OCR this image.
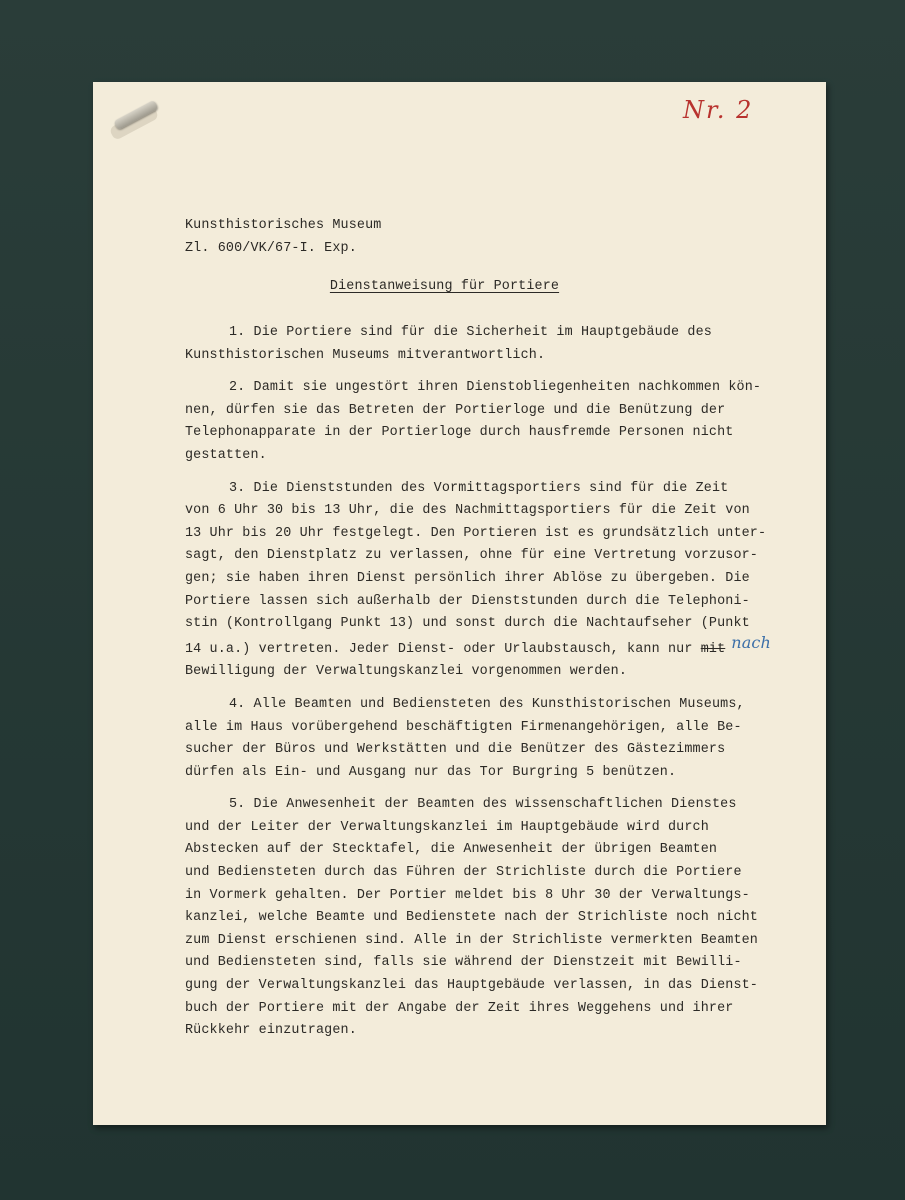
Nr. 2
Kunsthistorisches Museum
Zl. 600/VK/67-I. Exp.
Dienstanweisung für Portiere
1. Die Portiere sind für die Sicherheit im Hauptgebäude des
Kunsthistorischen Museums mitverantwortlich.
2. Damit sie ungestört ihren Dienstobliegenheiten nachkommen kön-
nen, dürfen sie das Betreten der Portierloge und die Benützung der
Telephonapparate in der Portierloge durch hausfremde Personen nicht
gestatten.
3. Die Dienststunden des Vormittagsportiers sind für die Zeit
von 6 Uhr 30 bis 13 Uhr, die des Nachmittagsportiers für die Zeit von
13 Uhr bis 20 Uhr festgelegt. Den Portieren ist es grundsätzlich unter-
sagt, den Dienstplatz zu verlassen, ohne für eine Vertretung vorzusor-
gen; sie haben ihren Dienst persönlich ihrer Ablöse zu übergeben. Die
Portiere lassen sich außerhalb der Dienststunden durch die Telephoni-
stin (Kontrollgang Punkt 13) und sonst durch die Nachtaufseher (Punkt
14 u.a.) vertreten. Jeder Dienst- oder Urlaubstausch, kann nur mit nach
Bewilligung der Verwaltungskanzlei vorgenommen werden.
4. Alle Beamten und Bediensteten des Kunsthistorischen Museums,
alle im Haus vorübergehend beschäftigten Firmenangehörigen, alle Be-
sucher der Büros und Werkstätten und die Benützer des Gästezimmers
dürfen als Ein- und Ausgang nur das Tor Burgring 5 benützen.
5. Die Anwesenheit der Beamten des wissenschaftlichen Dienstes
und der Leiter der Verwaltungskanzlei im Hauptgebäude wird durch
Abstecken auf der Stecktafel, die Anwesenheit der übrigen Beamten
und Bediensteten durch das Führen der Strichliste durch die Portiere
in Vormerk gehalten. Der Portier meldet bis 8 Uhr 30 der Verwaltungs-
kanzlei, welche Beamte und Bedienstete nach der Strichliste noch nicht
zum Dienst erschienen sind. Alle in der Strichliste vermerkten Beamten
und Bediensteten sind, falls sie während der Dienstzeit mit Bewilli-
gung der Verwaltungskanzlei das Hauptgebäude verlassen, in das Dienst-
buch der Portiere mit der Angabe der Zeit ihres Weggehens und ihrer
Rückkehr einzutragen.
